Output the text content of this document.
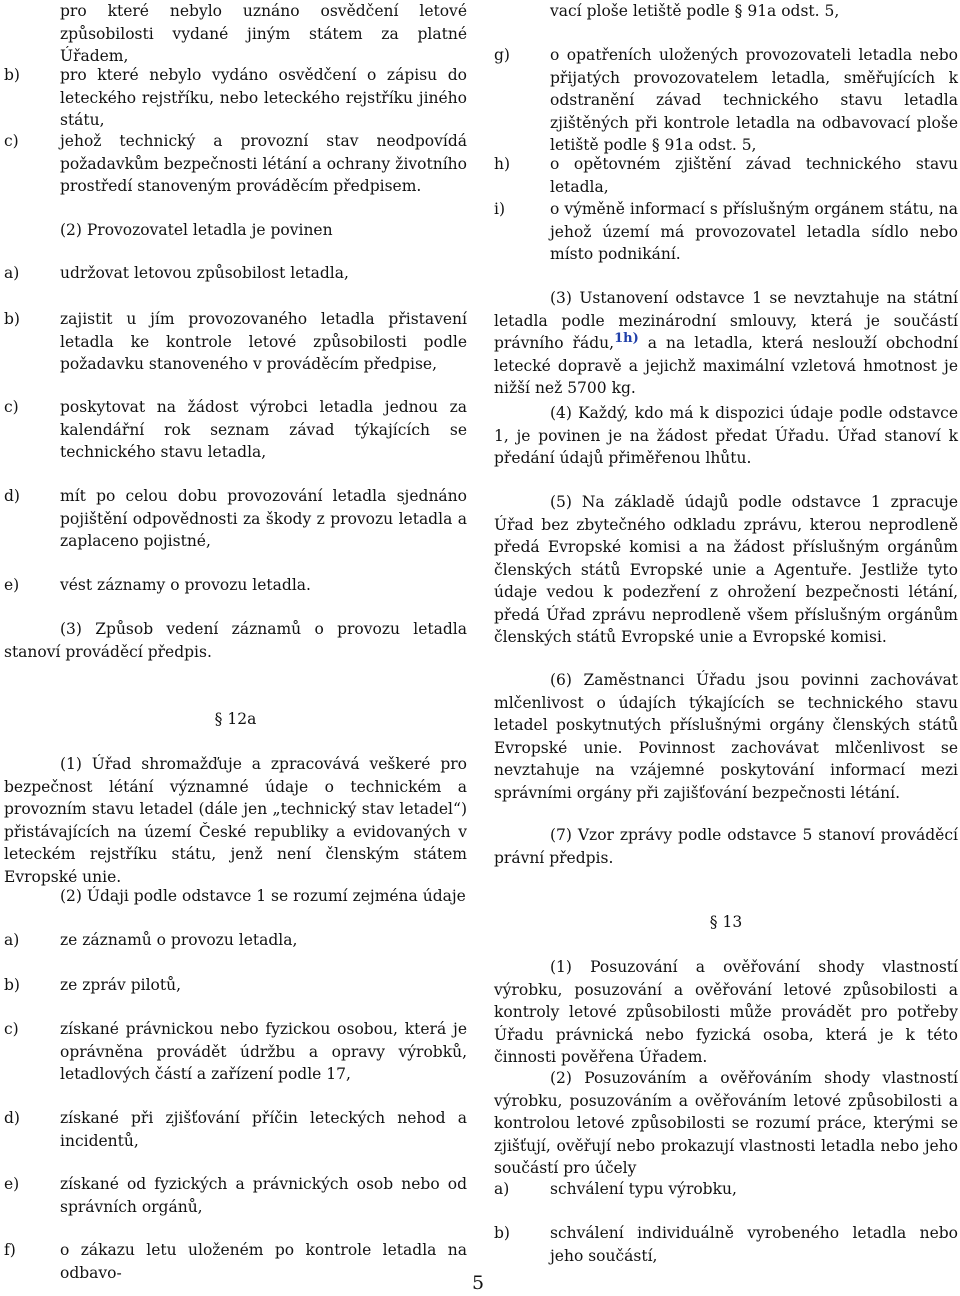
pro které nebylo uznáno osvědčení letové způsobilosti vydané jiným státem za platné Úřadem,
b)	pro které nebylo vydáno osvědčení o zápisu do leteckého rejstříku, nebo leteckého rejstříku jiného státu,
c)	jehož technický a provozní stav neodpovídá požadavkům bezpečnosti létání a ochrany životního prostředí stanoveným prováděcím předpisem.
(2) Provozovatel letadla je povinen
a)	udržovat letovou způsobilost letadla,
b)	zajistit u jím provozovaného letadla přistavení letadla ke kontrole letové způsobilosti podle požadavku stanoveného v prováděcím předpise,
c)	poskytovat na žádost výrobci letadla jednou za kalendářní rok seznam závad týkajících se technického stavu letadla,
d)	mít po celou dobu provozování letadla sjednáno pojištění odpovědnosti za škody z provozu letadla a zaplaceno pojistné,
e)	vést záznamy o provozu letadla.
(3) Způsob vedení záznamů o provozu letadla stanoví prováděcí předpis.
§ 12a
(1) Úřad shromažďuje a zpracovává veškeré pro bezpečnost létání významné údaje o technickém a provozním stavu letadel (dále jen „technický stav letadel“) přistávajících na území České republiky a evidovaných v leteckém rejstříku státu, jenž není členským státem Evropské unie.
(2) Údaji podle odstavce 1 se rozumí zejména údaje
a)	ze záznamů o provozu letadla,
b)	ze zpráv pilotů,
c)	získané právnickou nebo fyzickou osobou, která je oprávněna provádět údržbu a opravy výrobků, letadlových částí a zařízení podle 17,
d)	získané při zjišťování příčin leteckých nehod a incidentů,
e)	získané od fyzických a právnických osob nebo od správních orgánů,
f)	o zákazu letu uloženém po kontrole letadla na odbavo-
vací ploše letiště podle § 91a odst. 5,
g)	o opatřeních uložených provozovateli letadla nebo přijatých provozovatelem letadla, směřujících k odstranění závad technického stavu letadla zjištěných při kontrole letadla na odbavovací ploše letiště podle § 91a odst. 5,
h)	o opětovném zjištění závad technického stavu letadla,
i)	o výměně informací s příslušným orgánem státu, na jehož území má provozovatel letadla sídlo nebo místo podnikání.
(3) Ustanovení odstavce 1 se nevztahuje na státní letadla podle mezinárodní smlouvy, která je součástí právního řádu,$^{1h)}$ a na letadla, která neslouží obchodní letecké dopravě a jejichž maximální vzletová hmotnost je nižší než 5700 kg.
(4) Každý, kdo má k dispozici údaje podle odstavce 1, je povinen je na žádost předat Úřadu. Úřad stanoví k předání údajů přiměřenou lhůtu.
(5) Na základě údajů podle odstavce 1 zpracuje Úřad bez zbytečného odkladu zprávu, kterou neprodleně předá Evropské komisi a na žádost příslušným orgánům členských států Evropské unie a Agentuře. Jestliže tyto údaje vedou k podezření z ohrožení bezpečnosti létání, předá Úřad zprávu neprodleně všem příslušným orgánům členských států Evropské unie a Evropské komisi.
(6) Zaměstnanci Úřadu jsou povinni zachovávat mlčenlivost o údajích týkajících se technického stavu letadel poskytnutých příslušnými orgány členských států Evropské unie. Povinnost zachovávat mlčenlivost se nevztahuje na vzájemné poskytování informací mezi správními orgány při zajišťování bezpečnosti létání.
(7) Vzor zprávy podle odstavce 5 stanoví prováděcí právní předpis.
§ 13
(1) Posuzování a ověřování shody vlastností výrobku, posuzování a ověřování letové způsobilosti a kontroly letové způsobilosti může provádět pro potřeby Úřadu právnická nebo fyzická osoba, která je k této činnosti pověřena Úřadem.
(2) Posuzováním a ověřováním shody vlastností výrobku, posuzováním a ověřováním letové způsobilosti a kontrolou letové způsobilosti se rozumí práce, kterými se zjišťují, ověřují nebo prokazují vlastnosti letadla nebo jeho součástí pro účely
a)	schválení typu výrobku,
b)	schválení individuálně vyrobeného letadla nebo jeho součástí,
5
